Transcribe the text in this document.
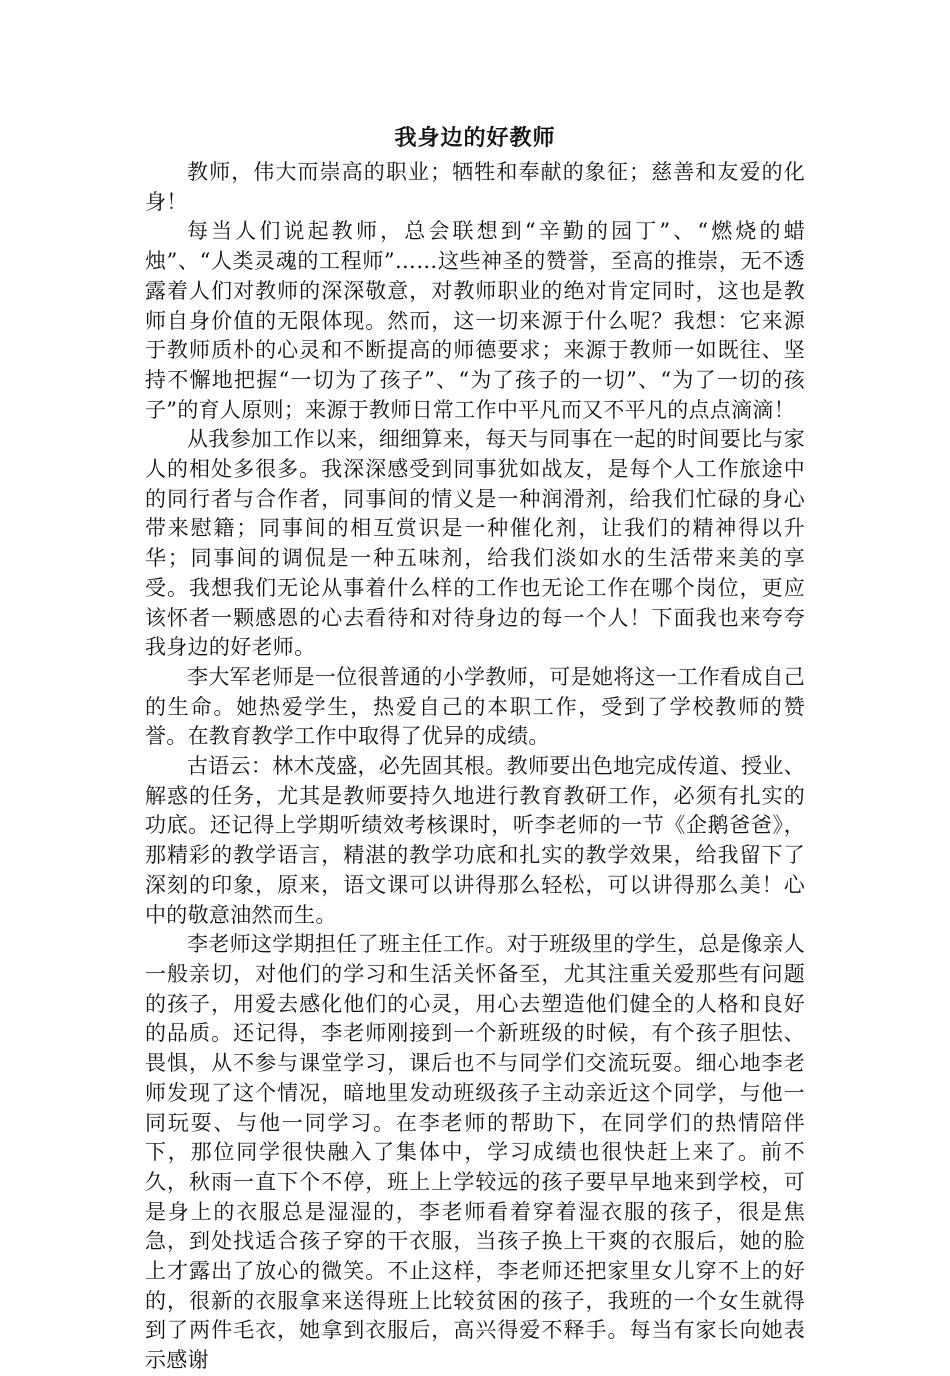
我身边的好教师

教师，伟大而崇高的职业；牺牲和奉献的象征；慈善和友爱的化身！

每当人们说起教师，总会联想到“辛勤的园丁”、“燃烧的蜡烛”、“人类灵魂的工程师”……这些神圣的赞誉，至高的推崇，无不透露着人们对教师的深深敬意，对教师职业的绝对肯定同时，这也是教师自身价值的无限体现。然而，这一切来源于什么呢？我想：它来源于教师质朴的心灵和不断提高的师德要求；来源于教师一如既往、坚持不懈地把握“一切为了孩子”、“为了孩子的一切”、“为了一切的孩子”的育人原则；来源于教师日常工作中平凡而又不平凡的点点滴滴！

从我参加工作以来，细细算来，每天与同事在一起的时间要比与家人的相处多很多。我深深感受到同事犹如战友，是每个人工作旅途中的同行者与合作者，同事间的情义是一种润滑剂，给我们忙碌的身心带来慰籍；同事间的相互赏识是一种催化剂，让我们的精神得以升华；同事间的调侃是一种五味剂，给我们淡如水的生活带来美的享受。我想我们无论从事着什么样的工作也无论工作在哪个岗位，更应该怀者一颗感恩的心去看待和对待身边的每一个人！下面我也来夸夸我身边的好老师。

李大军老师是一位很普通的小学教师，可是她将这一工作看成自己的生命。她热爱学生，热爱自己的本职工作，受到了学校教师的赞誉。在教育教学工作中取得了优异的成绩。

古语云：林木茂盛，必先固其根。教师要出色地完成传道、授业、解惑的任务，尤其是教师要持久地进行教育教研工作，必须有扎实的功底。还记得上学期听绩效考核课时，听李老师的一节《企鹅爸爸》，那精彩的教学语言，精湛的教学功底和扎实的教学效果，给我留下了深刻的印象，原来，语文课可以讲得那么轻松，可以讲得那么美！心中的敬意油然而生。

李老师这学期担任了班主任工作。对于班级里的学生，总是像亲人一般亲切，对他们的学习和生活关怀备至，尤其注重关爱那些有问题的孩子，用爱去感化他们的心灵，用心去塑造他们健全的人格和良好的品质。还记得，李老师刚接到一个新班级的时候，有个孩子胆怯、畏惧，从不参与课堂学习，课后也不与同学们交流玩耍。细心地李老师发现了这个情况，暗地里发动班级孩子主动亲近这个同学，与他一同玩耍、与他一同学习。在李老师的帮助下，在同学们的热情陪伴下，那位同学很快融入了集体中，学习成绩也很快赶上来了。前不久，秋雨一直下个不停，班上上学较远的孩子要早早地来到学校，可是身上的衣服总是湿湿的，李老师看着穿着湿衣服的孩子，很是焦急，到处找适合孩子穿的干衣服，当孩子换上干爽的衣服后，她的脸上才露出了放心的微笑。不止这样，李老师还把家里女儿穿不上的好的，很新的衣服拿来送得班上比较贫困的孩子，我班的一个女生就得到了两件毛衣，她拿到衣服后，高兴得爱不释手。每当有家长向她表示感谢
